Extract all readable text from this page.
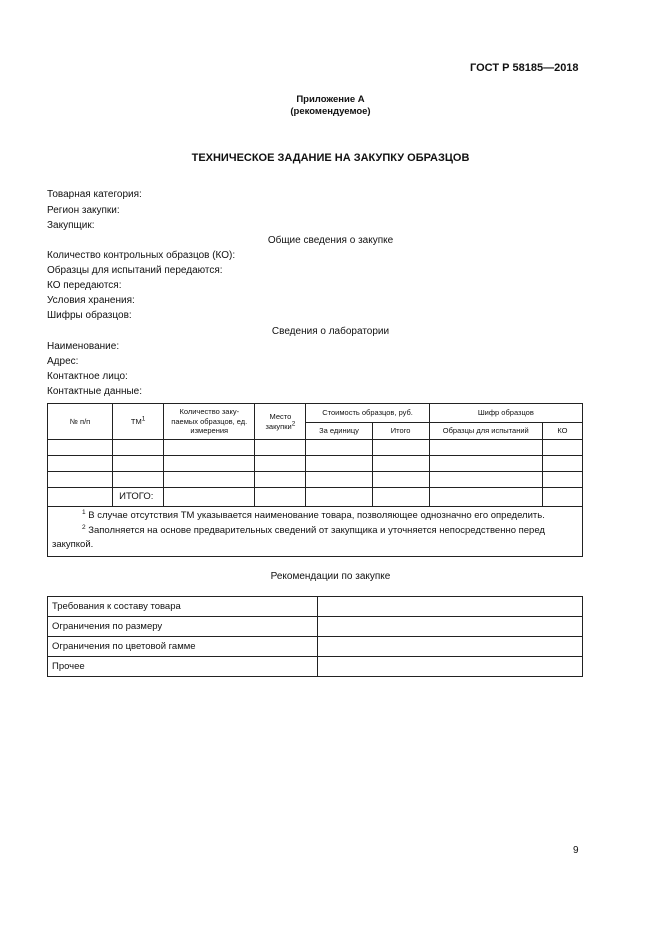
ГОСТ Р 58185—2018
Приложение А
(рекомендуемое)
ТЕХНИЧЕСКОЕ ЗАДАНИЕ НА ЗАКУПКУ ОБРАЗЦОВ
Товарная категория:
Регион закупки:
Закупщик:
Общие сведения о закупке
Количество контрольных образцов (КО):
Образцы для испытаний передаются:
КО передаются:
Условия хранения:
Шифры образцов:
Сведения о лаборатории
Наименование:
Адрес:
Контактное лицо:
Контактные данные:
№ п/п	$ТМ^1$	Количество заку-паемых образцов, ед. измерения	Место закупки$^2$	Стоимость образцов, руб.		Шифр образцов	
				За единицу	Итого	Образцы для испытаний	КО

	ИТОГО:						

$^1$ В случае отсутствия ТМ указывается наименование товара, позволяющее однозначно его определить.

$^2$ Заполняется на основе предварительных сведений от закупщика и уточняется непосредственно перед закупкой.							

Рекомендации по закупке
Требования к составу товара	
Ограничения по размеру	
Ограничения по цветовой гамме	
Прочее	
9
